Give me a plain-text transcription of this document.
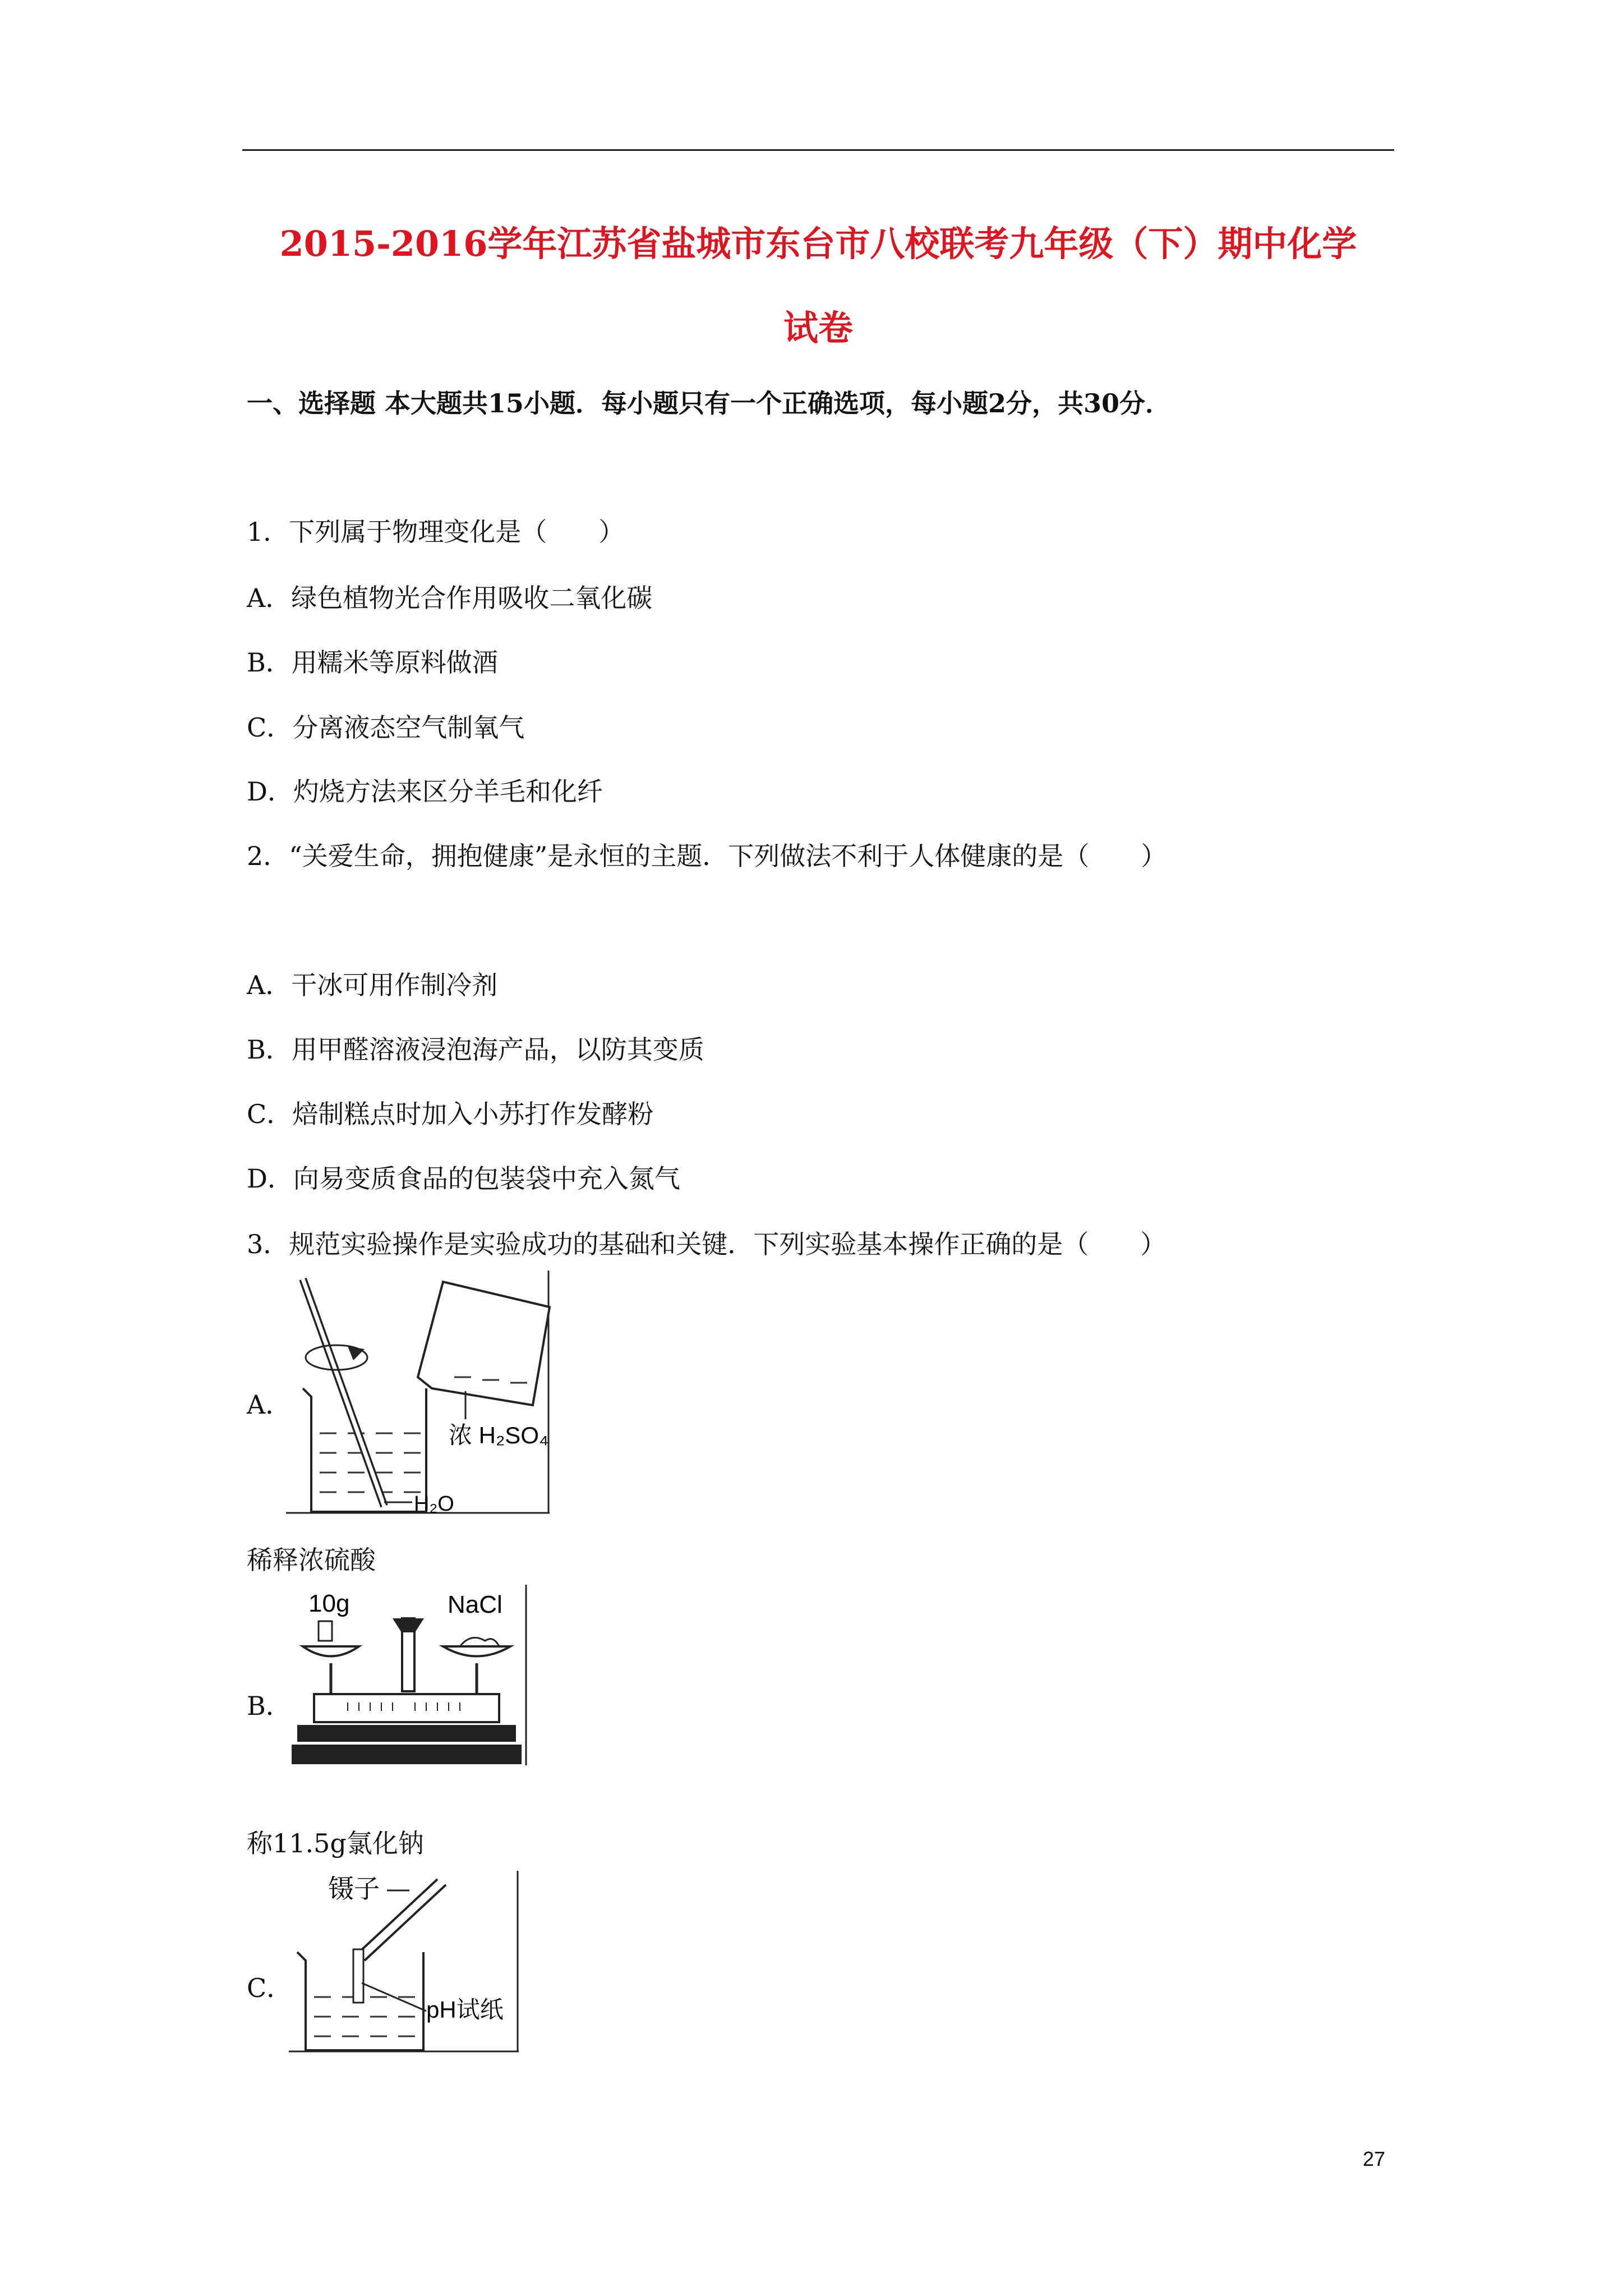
2015-2016学年江苏省盐城市东台市八校联考九年级（下）期中化学
试卷
一、选择题 本大题共15小题．每小题只有一个正确选项，每小题2分，共30分．
1．下列属于物理变化是（　　）
A．绿色植物光合作用吸收二氧化碳
B．用糯米等原料做酒
C．分离液态空气制氧气
D．灼烧方法来区分羊毛和化纤
2．“关爱生命，拥抱健康”是永恒的主题．下列做法不利于人体健康的是（　　）
A．干冰可用作制冷剂
B．用甲醛溶液浸泡海产品，以防其变质
C．焙制糕点时加入小苏打作发酵粉
D．向易变质食品的包装袋中充入氮气
3．规范实验操作是实验成功的基础和关键．下列实验基本操作正确的是（　　）
A．
浓 H₂SO₄
H₂O
稀释浓硫酸
B．
10g	NaCl
称11.5g氯化钠
C．
镊子
pH试纸
27
